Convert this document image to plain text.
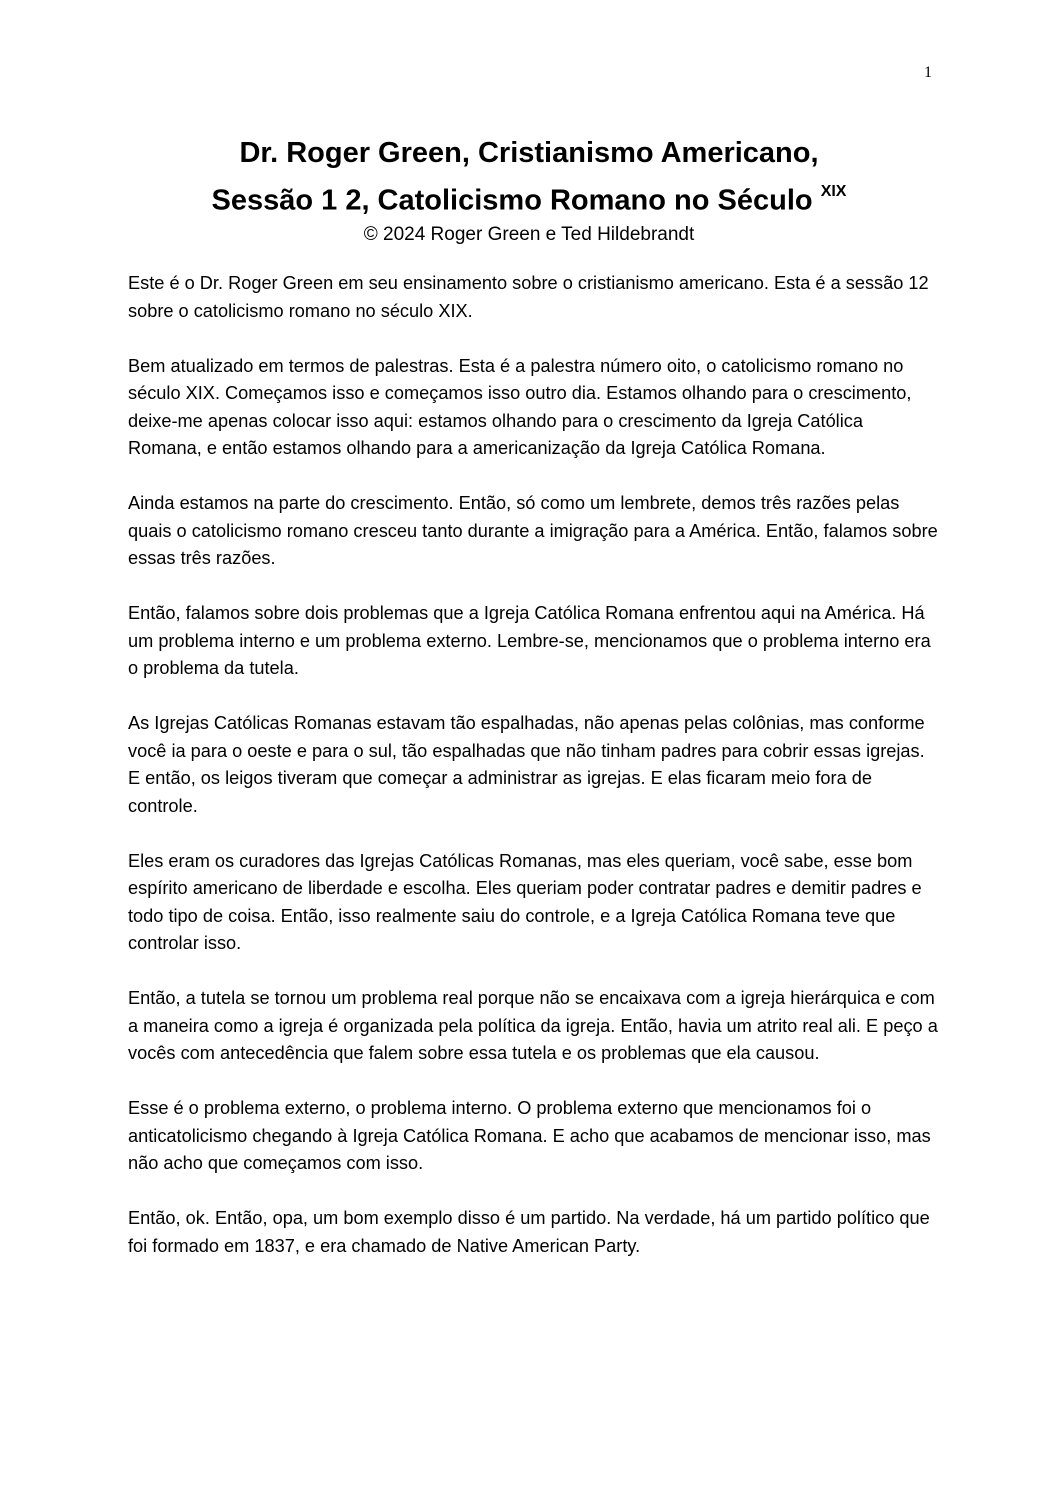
1

Dr. Roger Green, Cristianismo Americano,

Sessão 1 2, Catolicismo Romano no Século $^{XIX}$

© 2024 Roger Green e Ted Hildebrandt

Este é o Dr. Roger Green em seu ensinamento sobre o cristianismo americano. Esta é a sessão 12 sobre o catolicismo romano no século XIX.

Bem atualizado em termos de palestras. Esta é a palestra número oito, o catolicismo romano no século XIX. Começamos isso e começamos isso outro dia. Estamos olhando para o crescimento, deixe-me apenas colocar isso aqui: estamos olhando para o crescimento da Igreja Católica Romana, e então estamos olhando para a americanização da Igreja Católica Romana.

Ainda estamos na parte do crescimento. Então, só como um lembrete, demos três razões pelas quais o catolicismo romano cresceu tanto durante a imigração para a América. Então, falamos sobre essas três razões.

Então, falamos sobre dois problemas que a Igreja Católica Romana enfrentou aqui na América. Há um problema interno e um problema externo. Lembre-se, mencionamos que o problema interno era o problema da tutela.

As Igrejas Católicas Romanas estavam tão espalhadas, não apenas pelas colônias, mas conforme você ia para o oeste e para o sul, tão espalhadas que não tinham padres para cobrir essas igrejas. E então, os leigos tiveram que começar a administrar as igrejas. E elas ficaram meio fora de controle.

Eles eram os curadores das Igrejas Católicas Romanas, mas eles queriam, você sabe, esse bom espírito americano de liberdade e escolha. Eles queriam poder contratar padres e demitir padres e todo tipo de coisa. Então, isso realmente saiu do controle, e a Igreja Católica Romana teve que controlar isso.

Então, a tutela se tornou um problema real porque não se encaixava com a igreja hierárquica e com a maneira como a igreja é organizada pela política da igreja. Então, havia um atrito real ali. E peço a vocês com antecedência que falem sobre essa tutela e os problemas que ela causou.

Esse é o problema externo, o problema interno. O problema externo que mencionamos foi o anticatolicismo chegando à Igreja Católica Romana. E acho que acabamos de mencionar isso, mas não acho que começamos com isso.

Então, ok. Então, opa, um bom exemplo disso é um partido. Na verdade, há um partido político que foi formado em 1837, e era chamado de Native American Party.
